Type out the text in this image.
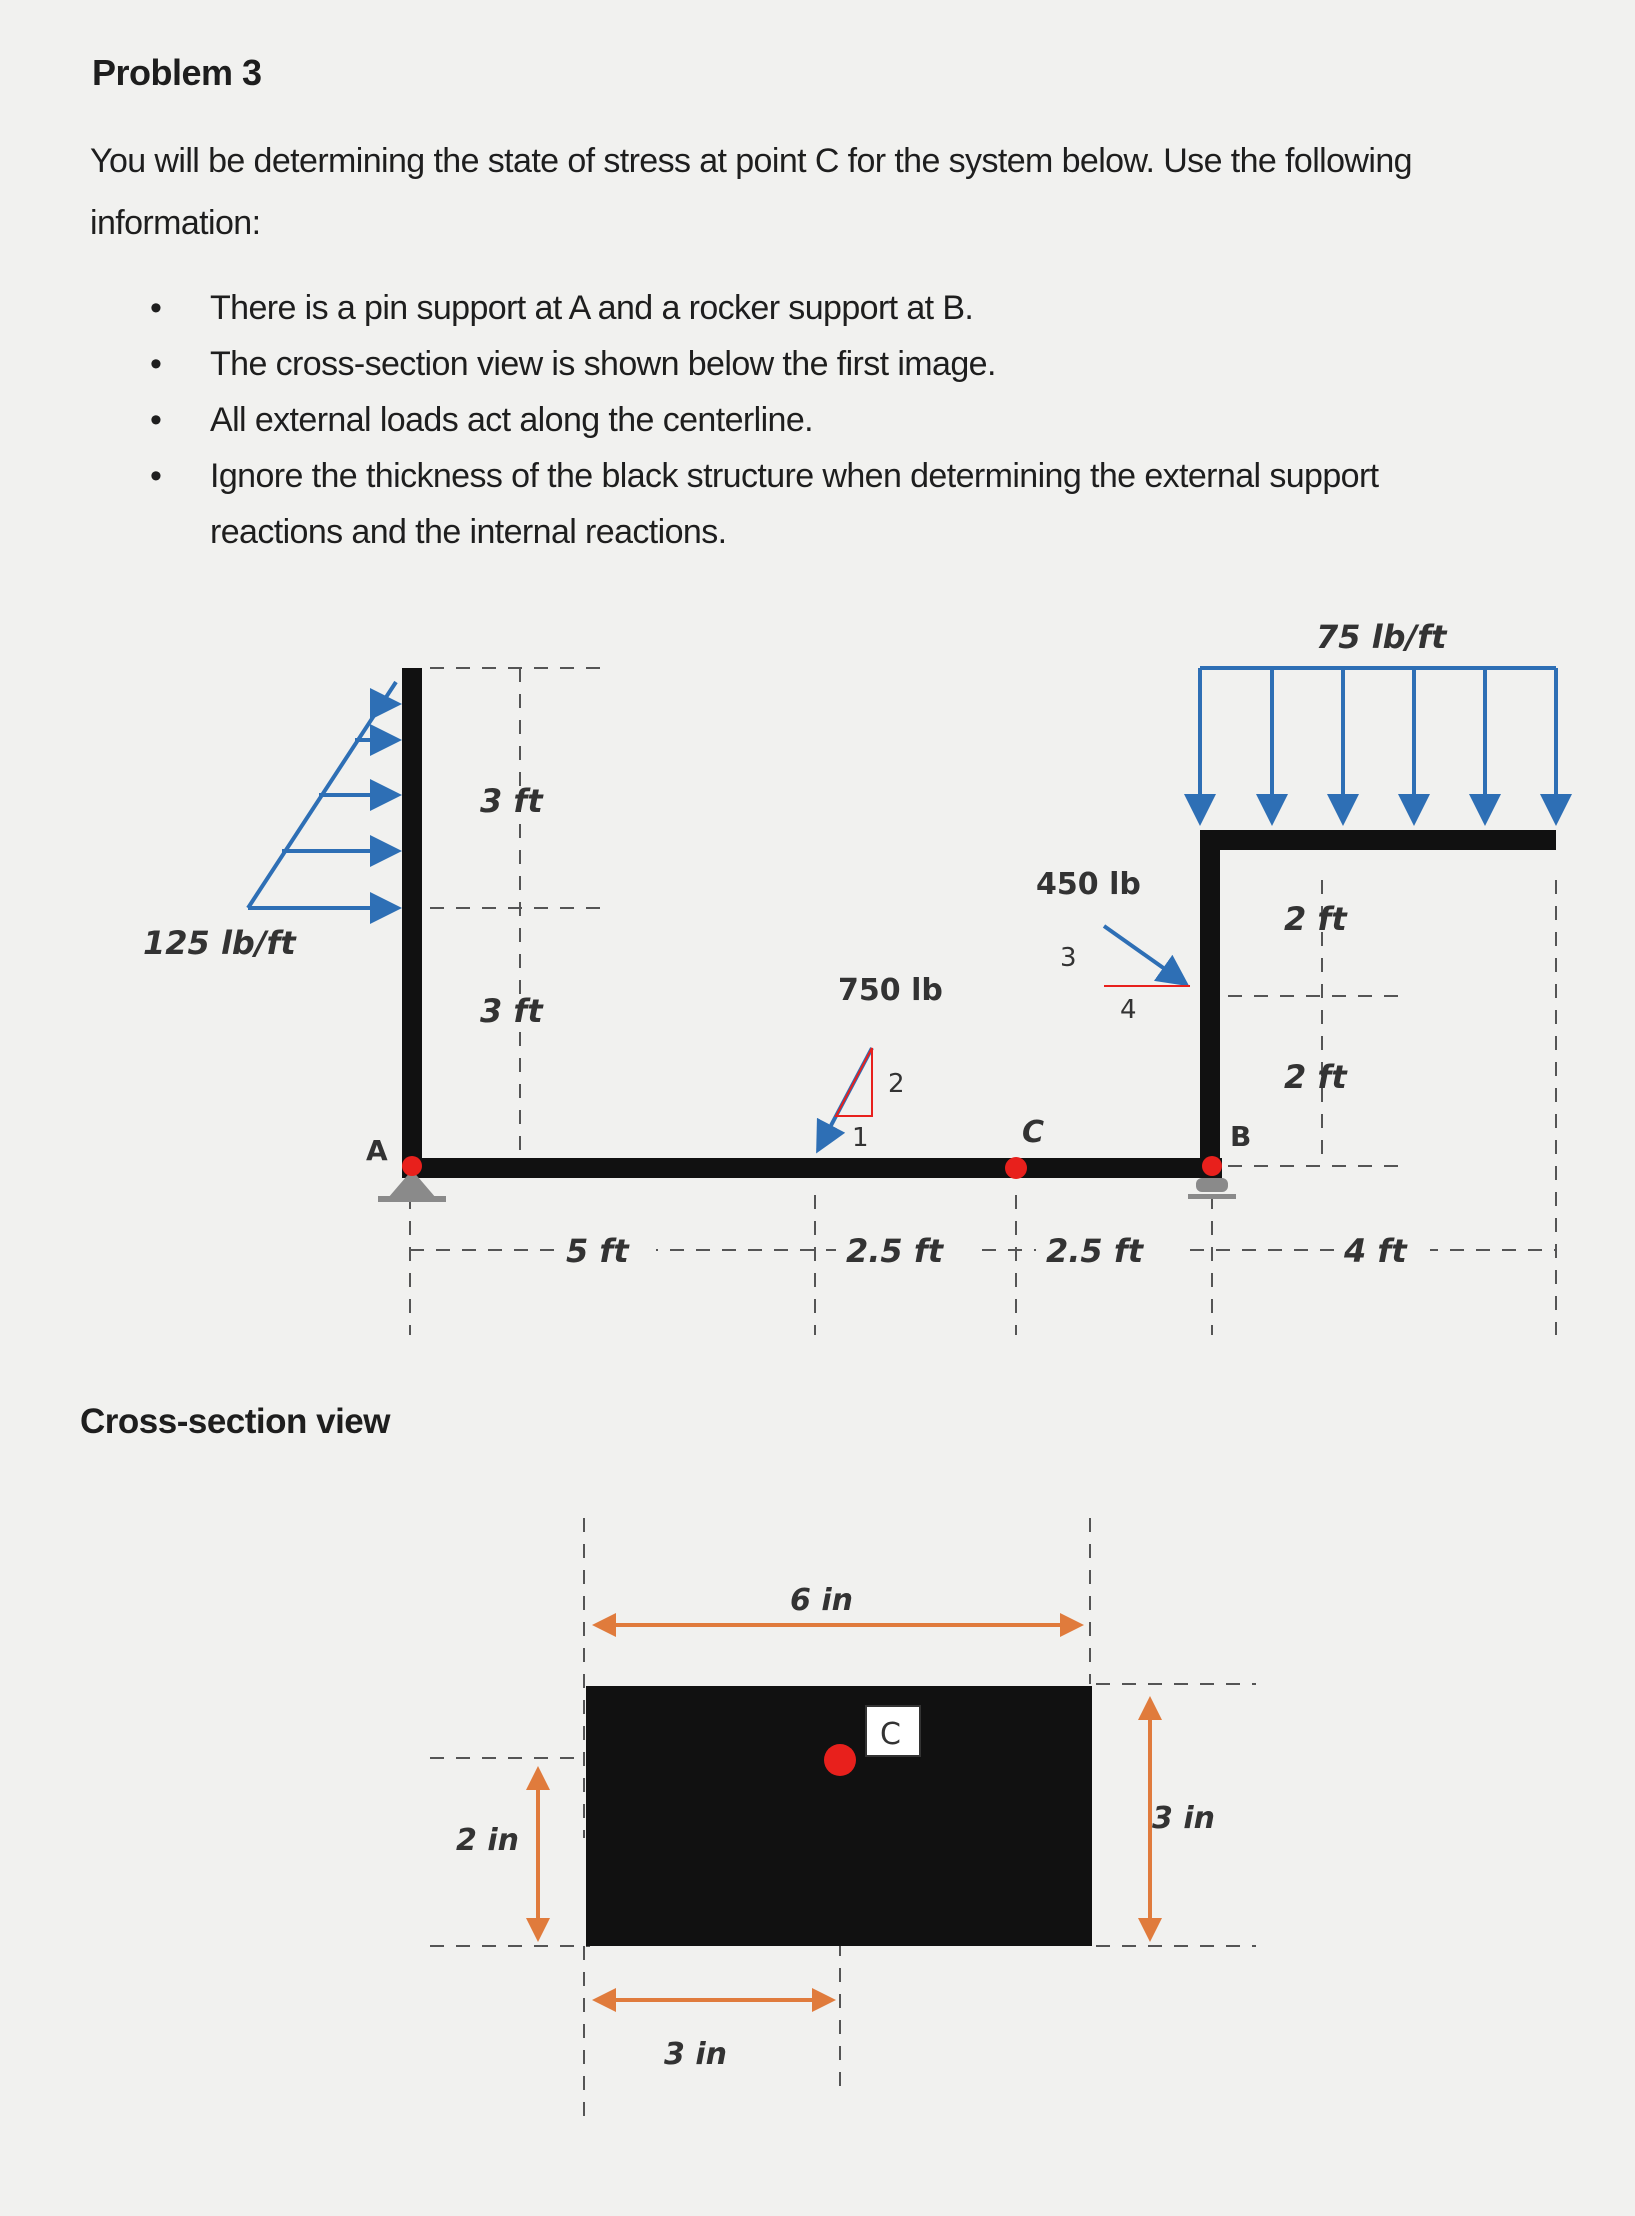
Problem 3
You will be determining the state of stress at point C for the system below. Use the following information:
• There is a pin support at A and a rocker support at B.
• The cross-section view is shown below the first image.
• All external loads act along the centerline.
• Ignore the thickness of the black structure when determining the external support reactions and the internal reactions.
Cross-section view
125 lb/ft
75 lb/ft
A	B
C
750 lb
2
1
450 lb
3
4
3 ft
3 ft
2 ft
2 ft
5 ft	2.5 ft	2.5 ft	4 ft
C
6 in
3 in
2 in
3 in
